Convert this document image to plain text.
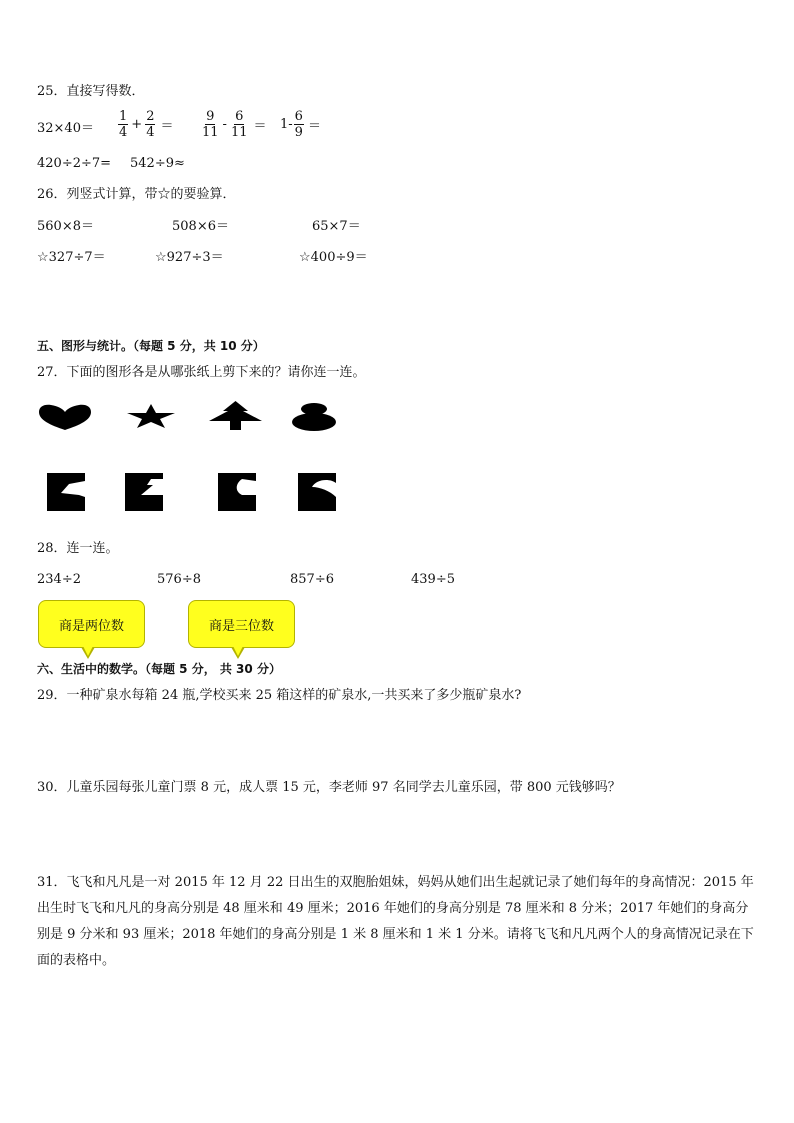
25．直接写得数．
$32\times 40= \frac{1}{4} + \frac{2}{4} = \frac{9}{11} - \frac{6}{11} = 1- \frac{6}{9}$ ＝
420÷2÷7= 542÷9≈
26．列竖式计算，带☆的要验算．
560×8＝	508×6＝	65×7＝
☆327÷7＝	☆927÷3＝	☆400÷9＝
五、图形与统计。（每题 5 分，共 10 分）
27．下面的图形各是从哪张纸上剪下来的？请你连一连。
28．连一连。
234÷2	576÷8	857÷6	439÷5
商是两位数	商是三位数
六、生活中的数学。（每题 5 分， 共 30 分）
29．一种矿泉水每箱 24 瓶,学校买来 25 箱这样的矿泉水,一共买来了多少瓶矿泉水?
30．儿童乐园每张儿童门票 8 元，成人票 15 元，李老师 97 名同学去儿童乐园，带 800 元钱够吗？
31．飞飞和凡凡是一对 2015 年 12 月 22 日出生的双胞胎姐妹，妈妈从她们出生起就记录了她们每年的身高情况：2015 年出生时飞飞和凡凡的身高分别是 48 厘米和 49 厘米；2016 年她们的身高分别是 78 厘米和 8 分米；2017 年她们的身高分别是 9 分米和 93 厘米；2018 年她们的身高分别是 1 米 8 厘米和 1 米 1 分米。请将飞飞和凡凡两个人的身高情况记录在下面的表格中。
